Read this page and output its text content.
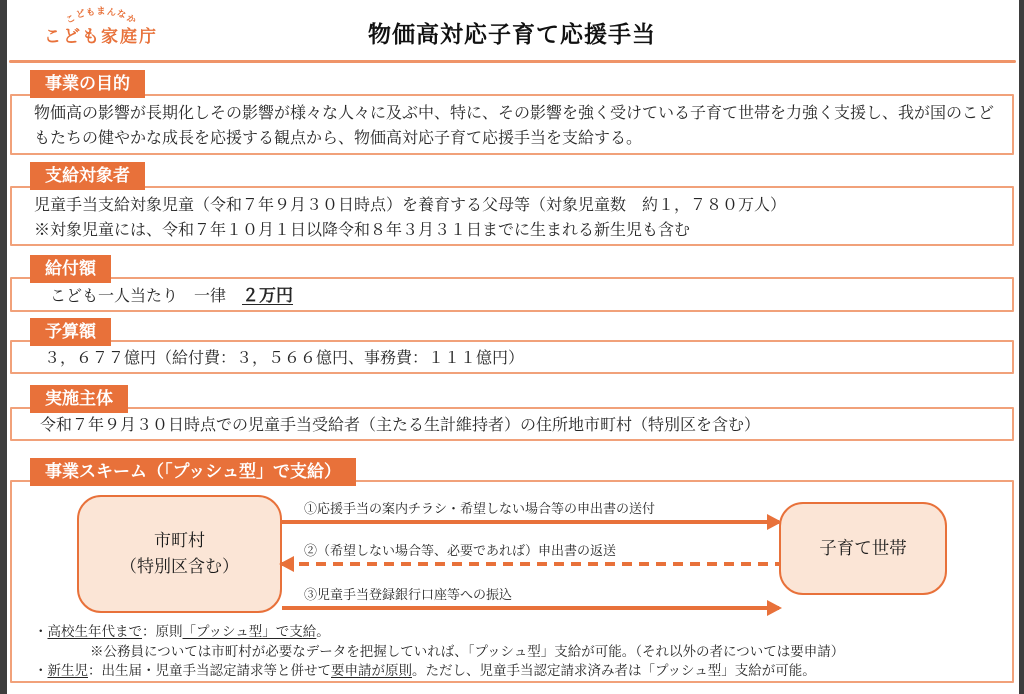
こ
ど も ま ん な
か
こども家庭庁	物価高対応子育て応援手当
事業の目的

物価高の影響が長期化しその影響が様々な人々に及ぶ中、特に、その影響を強く受けている子育て世帯を力強く支援し、我が国のこどもたちの健やかな成長を応援する観点から、物価高対応子育て応援手当を支給する。

支給対象者

児童手当支給対象児童（令和７年９月３０日時点）を養育する父母等（対象児童数　約１，７８０万人）

※対象児童には、令和７年１０月１日以降令和８年３月３１日までに生まれる新生児も含む

給付額

こども一人当たり　一律　２万円

予算額

３，６７７億円（給付費：３，５６６億円、事務費：１１１億円）

実施主体

令和７年９月３０日時点での児童手当受給者（主たる生計維持者）の住所地市町村（特別区を含む）

事業スキーム（「プッシュ型」で支給）
市町村
（特別区含む）
①応援手当の案内チラシ・希望しない場合等の申出書の送付
②（希望しない場合等、必要であれば）申出書の返送
③児童手当登録銀行口座等への振込
子育て世帯

・高校生年代まで：原則「プッシュ型」で支給。

※公務員については市町村が必要なデータを把握していれば、「プッシュ型」支給が可能。（それ以外の者については要申請）

・新生児：出生届・児童手当認定請求等と併せて要申請が原則。ただし、児童手当認定請求済み者は「プッシュ型」支給が可能。
